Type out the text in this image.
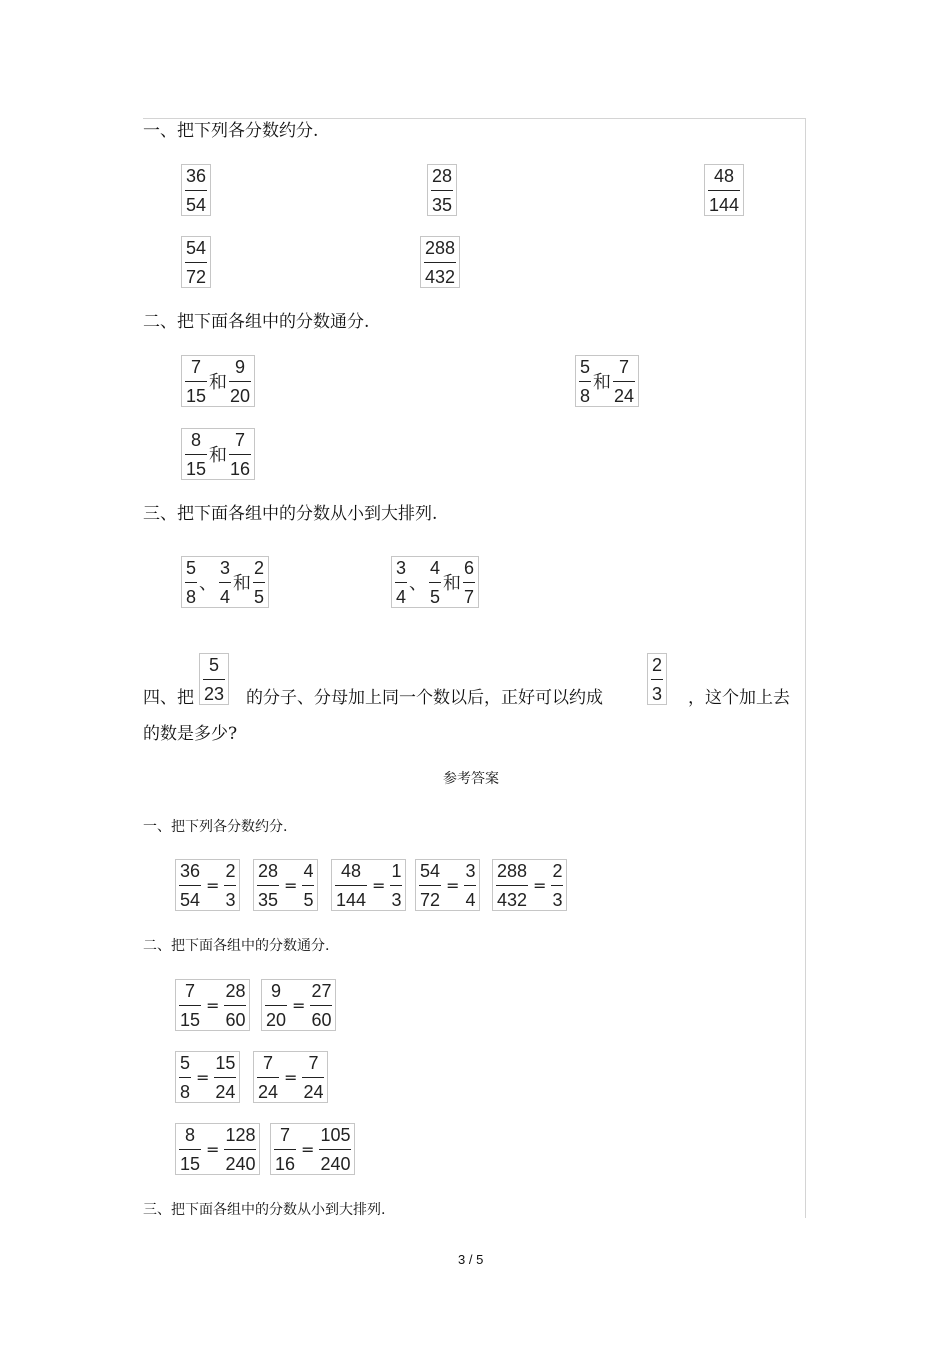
一、把下列各分数约分.
$\frac{36}{54}$	$\frac{28}{35}$	$\frac{48}{144}$
$\frac{54}{72}$	$\frac{288}{432}$
二、把下面各组中的分数通分.
$\frac{7}{15}$ 和 $\frac{9}{20}$	$\frac{5}{8}$ 和 $\frac{7}{24}$
$\frac{8}{15}$ 和 $\frac{7}{16}$
三、把下面各组中的分数从小到大排列.
$\frac{5}{8}$ 、 $\frac{3}{4}$ 和 $\frac{2}{5}$	$\frac{3}{4}$ 、 $\frac{4}{5}$ 和 $\frac{6}{7}$
四、把 $\frac{5}{23}$ 的分子、分母加上同一个数以后，正好可以约成	$\frac{2}{3}$ ，这个加上去
的数是多少?
参考答案
一、把下列各分数约分.
$\frac{36}{54} = \frac{2}{3} \frac{28}{35} = \frac{4}{5} \frac{48}{144} = \frac{1}{3} \frac{54}{72} = \frac{3}{4} \frac{288}{432} = \frac{2}{3}$
二、把下面各组中的分数通分.
$\frac{7}{15} = \frac{28}{60} \frac{9}{20} = \frac{27}{60}$
$\frac{5}{8} = \frac{15}{24} \frac{7}{24} = \frac{7}{24}$
$\frac{8}{15} = \frac{128}{240} \frac{7}{16} = \frac{105}{240}$
三、把下面各组中的分数从小到大排列.
3 / 5
